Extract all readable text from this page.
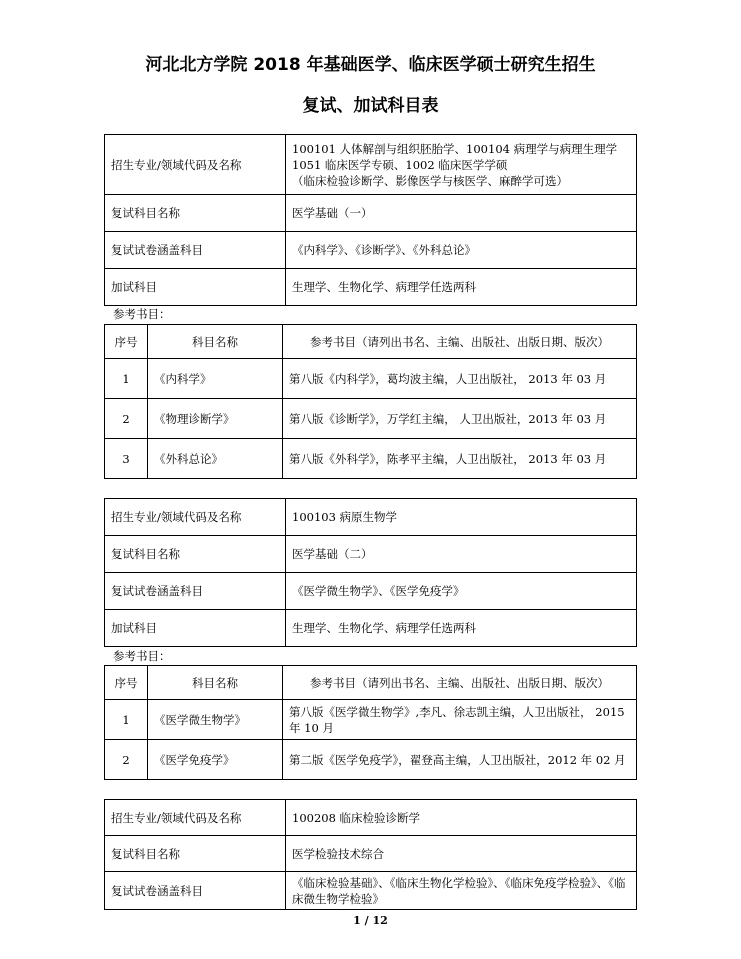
河北北方学院 2018 年基础医学、临床医学硕士研究生招生
复试、加试科目表
招生专业/领域代码及名称	100101 人体解剖与组织胚胎学、100104 病理学与病理生理学
1051 临床医学专硕、1002 临床医学学硕
（临床检验诊断学、影像医学与核医学、麻醉学可选）

复试科目名称	医学基础（一）
复试试卷涵盖科目	《内科学》、《诊断学》、《外科总论》
加试科目	生理学、生物化学、病理学任选两科
参考书目：
序号	科目名称	参考书目（请列出书名、主编、出版社、出版日期、版次）
1	《内科学》	第八版《内科学》，葛均波主编，人卫出版社， 2013 年 03 月
2	《物理诊断学》	第八版《诊断学》，万学红主编， 人卫出版社，2013 年 03 月
3	《外科总论》	第八版《外科学》，陈孝平主编，人卫出版社， 2013 年 03 月
招生专业/领域代码及名称	100103 病原生物学
复试科目名称	医学基础（二）
复试试卷涵盖科目	《医学微生物学》、《医学免疫学》
加试科目	生理学、生物化学、病理学任选两科
参考书目：
序号	科目名称	参考书目（请列出书名、主编、出版社、出版日期、版次）
1	《医学微生物学》	第八版《医学微生物学》,李凡、徐志凯主编，人卫出版社， 2015 年 10 月
2	《医学免疫学》	第二版《医学免疫学》，翟登高主编，人卫出版社，2012 年 02 月
招生专业/领域代码及名称	100208 临床检验诊断学
复试科目名称	医学检验技术综合
复试试卷涵盖科目	《临床检验基础》、《临床生物化学检验》、《临床免疫学检验》、《临床微生物学检验》
1 / 12
